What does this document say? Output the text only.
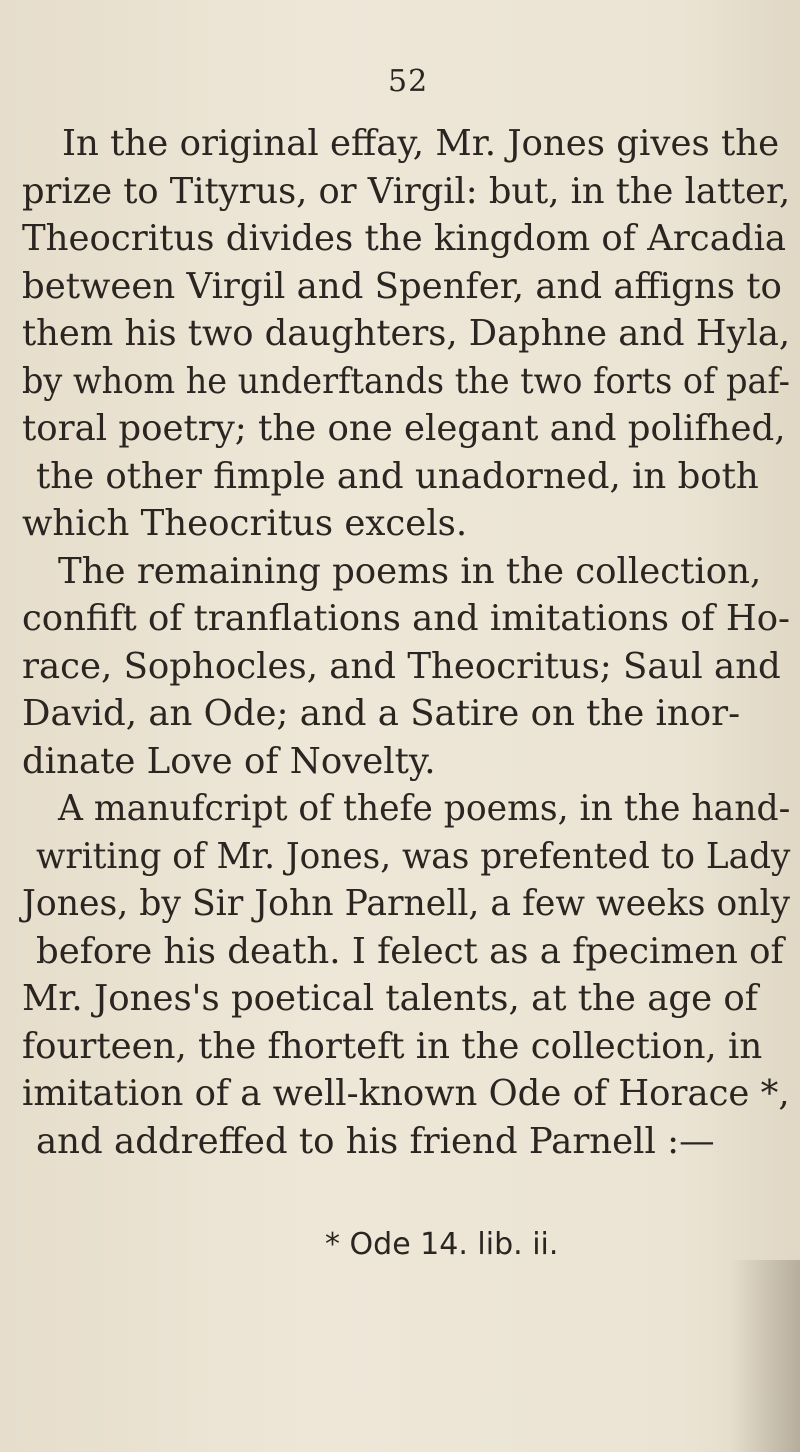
52
In the original effay, Mr. Jones gives the
prize to Tityrus, or Virgil: but, in the latter,
Theocritus divides the kingdom of Arcadia
between Virgil and Spenfer, and affigns to
them his two daughters, Daphne and Hyla,
by whom he underftands the two forts of paf-
toral poetry; the one elegant and polifhed,
the other fimple and unadorned, in both
which Theocritus excels.
The remaining poems in the collection,
confift of tranflations and imitations of Ho-
race, Sophocles, and Theocritus; Saul and
David, an Ode; and a Satire on the inor-
dinate Love of Novelty.
A manufcript of thefe poems, in the hand-
writing of Mr. Jones, was prefented to Lady
Jones, by Sir John Parnell, a few weeks only
before his death. I felect as a fpecimen of
Mr. Jones's poetical talents, at the age of
fourteen, the fhorteft in the collection, in
imitation of a well-known Ode of Horace *,
and addreffed to his friend Parnell :—
* Ode 14. lib. ii.
